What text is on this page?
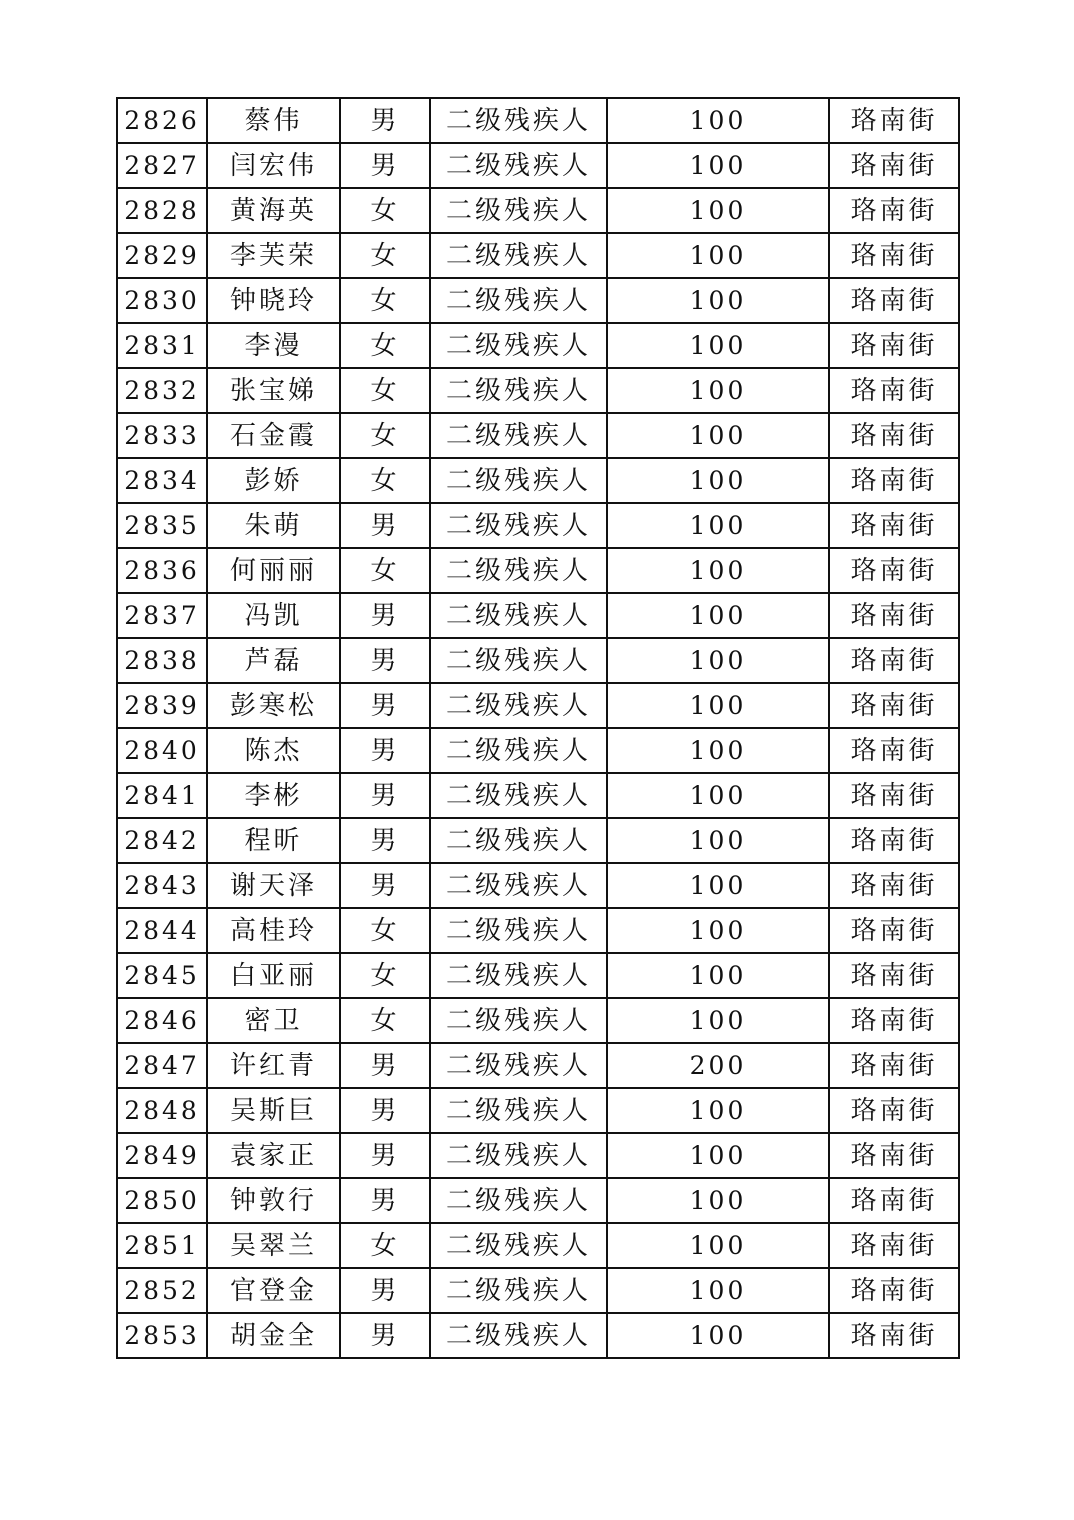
2826	蔡伟	男	二级残疾人	100	珞南街
2827	闫宏伟	男	二级残疾人	100	珞南街
2828	黄海英	女	二级残疾人	100	珞南街
2829	李芙荣	女	二级残疾人	100	珞南街
2830	钟晓玲	女	二级残疾人	100	珞南街
2831	李漫	女	二级残疾人	100	珞南街
2832	张宝娣	女	二级残疾人	100	珞南街
2833	石金霞	女	二级残疾人	100	珞南街
2834	彭娇	女	二级残疾人	100	珞南街
2835	朱萌	男	二级残疾人	100	珞南街
2836	何丽丽	女	二级残疾人	100	珞南街
2837	冯凯	男	二级残疾人	100	珞南街
2838	芦磊	男	二级残疾人	100	珞南街
2839	彭寒松	男	二级残疾人	100	珞南街
2840	陈杰	男	二级残疾人	100	珞南街
2841	李彬	男	二级残疾人	100	珞南街
2842	程昕	男	二级残疾人	100	珞南街
2843	谢天泽	男	二级残疾人	100	珞南街
2844	高桂玲	女	二级残疾人	100	珞南街
2845	白亚丽	女	二级残疾人	100	珞南街
2846	密卫	女	二级残疾人	100	珞南街
2847	许红青	男	二级残疾人	200	珞南街
2848	吴斯巨	男	二级残疾人	100	珞南街
2849	袁家正	男	二级残疾人	100	珞南街
2850	钟敦行	男	二级残疾人	100	珞南街
2851	吴翠兰	女	二级残疾人	100	珞南街
2852	官登金	男	二级残疾人	100	珞南街
2853	胡金全	男	二级残疾人	100	珞南街
